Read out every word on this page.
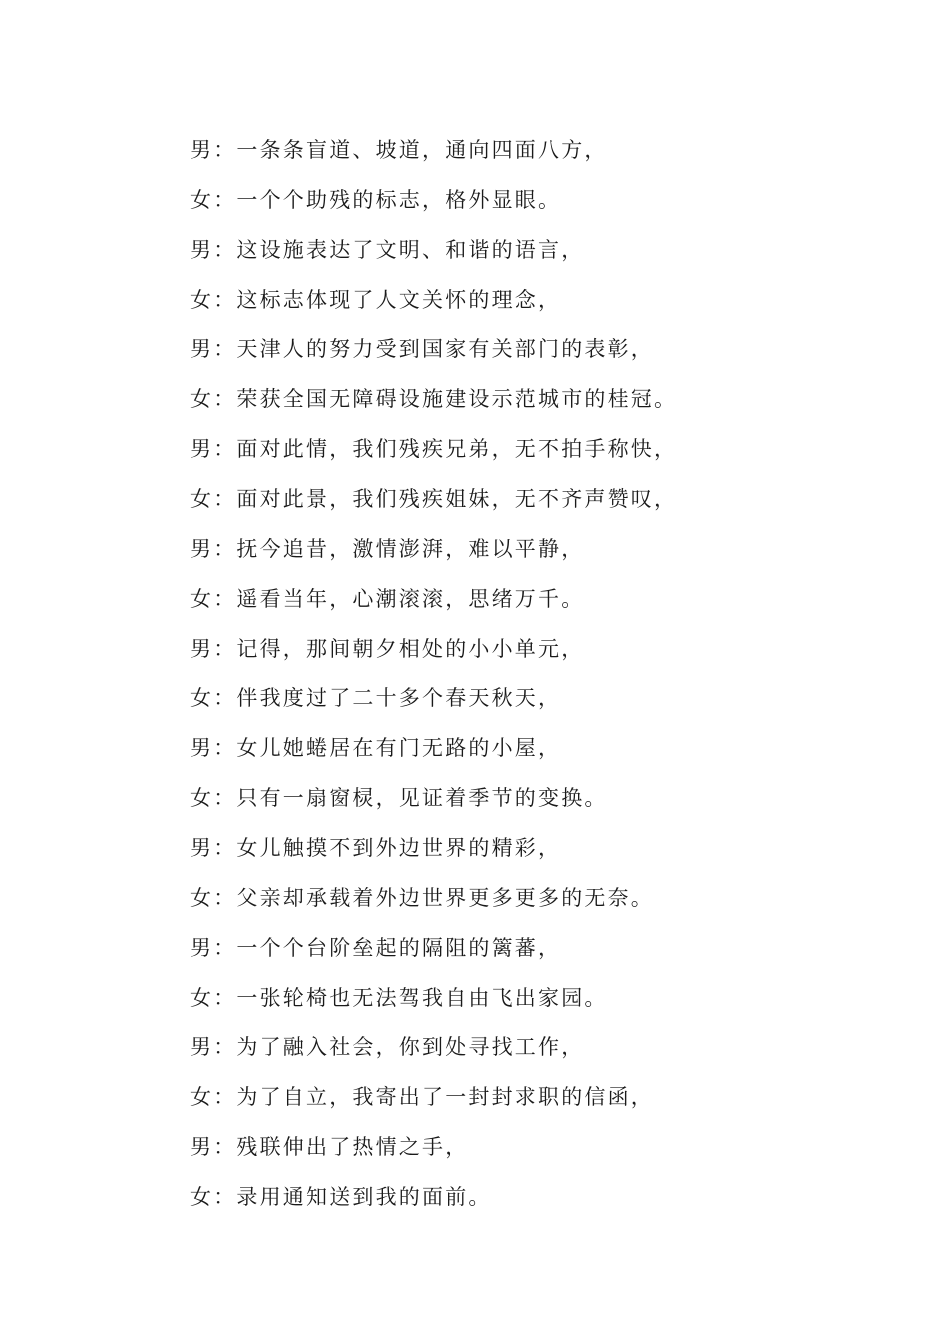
男：一条条盲道、坡道，通向四面八方，
女：一个个助残的标志，格外显眼。
男：这设施表达了文明、和谐的语言，
女：这标志体现了人文关怀的理念，
男：天津人的努力受到国家有关部门的表彰，
女：荣获全国无障碍设施建设示范城市的桂冠。
男：面对此情，我们残疾兄弟，无不拍手称快，
女：面对此景，我们残疾姐妹，无不齐声赞叹，
男：抚今追昔，激情澎湃，难以平静，
女：遥看当年，心潮滚滚，思绪万千。
男：记得，那间朝夕相处的小小单元，
女：伴我度过了二十多个春天秋天，
男：女儿她蜷居在有门无路的小屋，
女：只有一扇窗棂，见证着季节的变换。
男：女儿触摸不到外边世界的精彩，
女：父亲却承载着外边世界更多更多的无奈。
男：一个个台阶垒起的隔阻的篱蕃，
女：一张轮椅也无法驾我自由飞出家园。
男：为了融入社会，你到处寻找工作，
女：为了自立，我寄出了一封封求职的信函，
男：残联伸出了热情之手，
女：录用通知送到我的面前。
